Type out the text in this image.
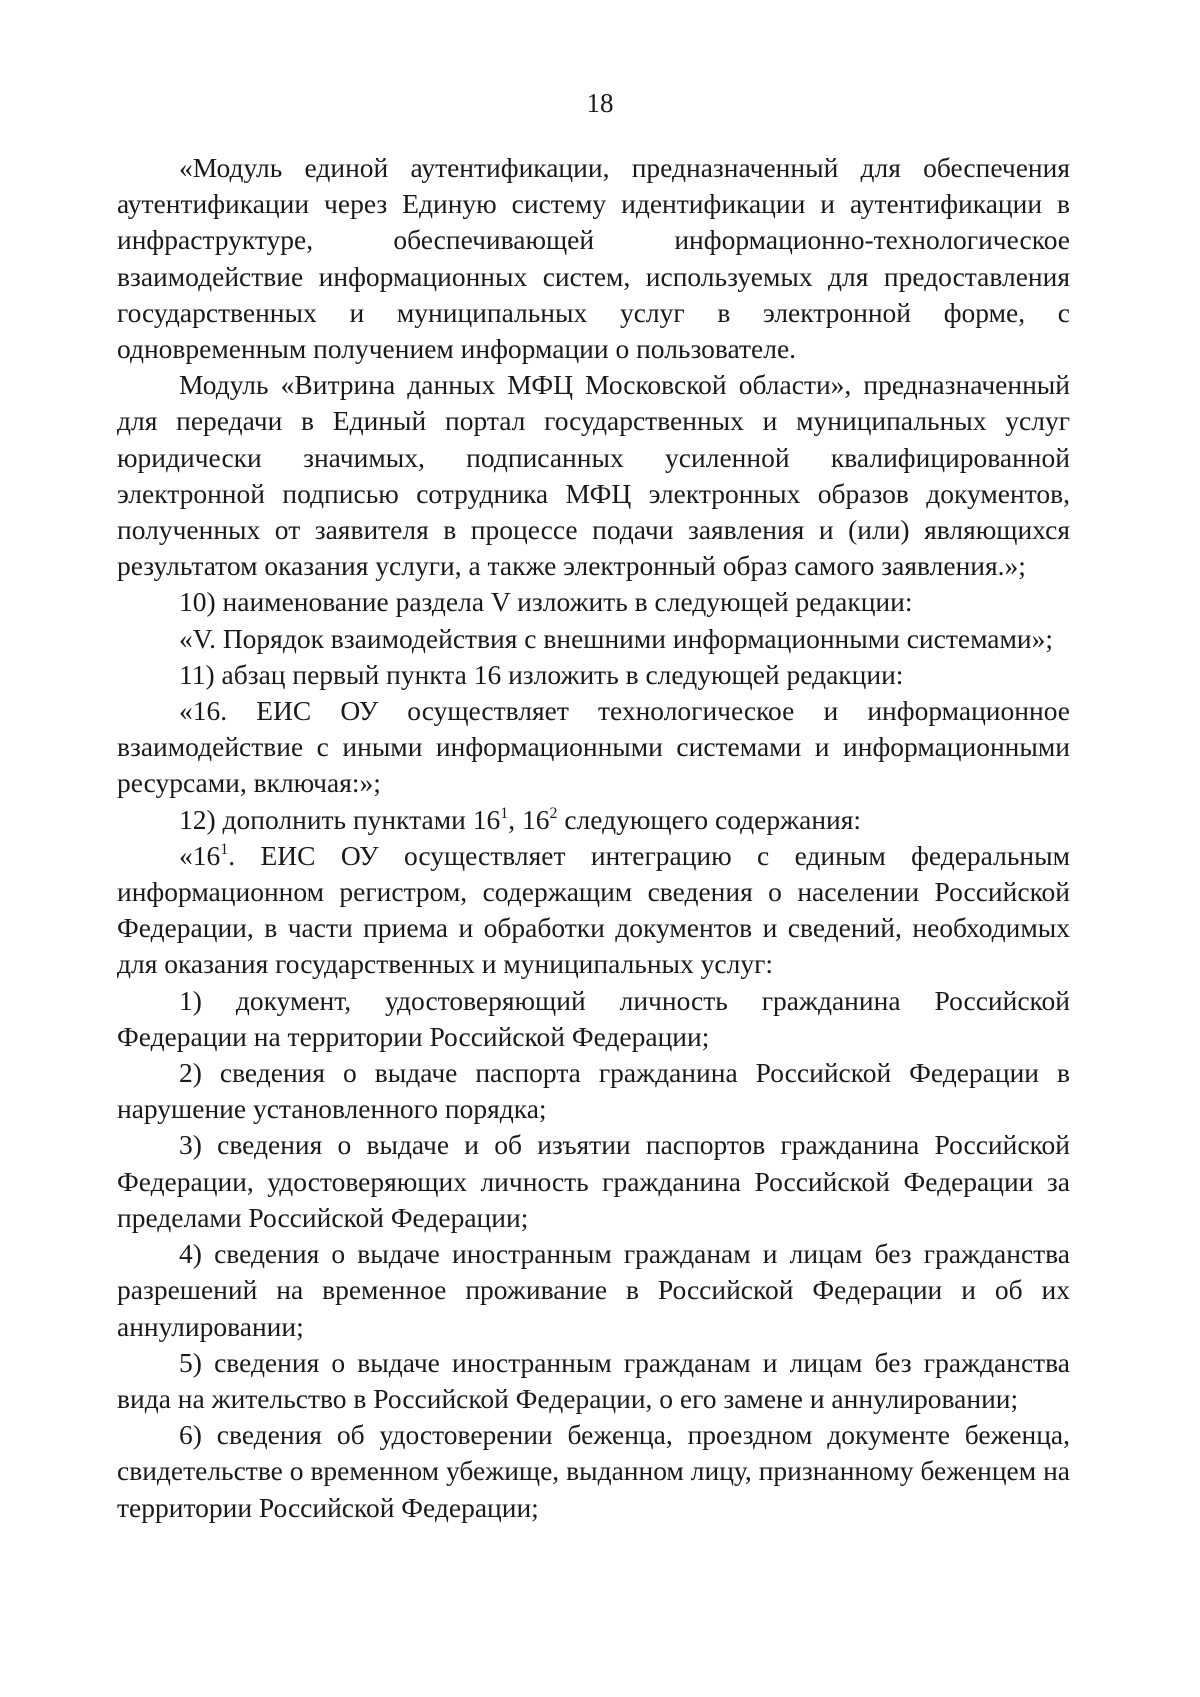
18

«Модуль единой аутентификации, предназначенный для обеспечения аутентификации через Единую систему идентификации и аутентификации в инфраструктуре, обеспечивающей информационно-технологическое взаимодействие информационных систем, используемых для предоставления государственных и муниципальных услуг в электронной форме, с одновременным получением информации о пользователе.

Модуль «Витрина данных МФЦ Московской области», предназначенный для передачи в Единый портал государственных и муниципальных услуг юридически значимых, подписанных усиленной квалифицированной электронной подписью сотрудника МФЦ электронных образов документов, полученных от заявителя в процессе подачи заявления и (или) являющихся результатом оказания услуги, а также электронный образ самого заявления.»;

10) наименование раздела V изложить в следующей редакции:

«V. Порядок взаимодействия с внешними информационными системами»;

11) абзац первый пункта 16 изложить в следующей редакции:

«16. ЕИС ОУ осуществляет технологическое и информационное взаимодействие с иными информационными системами и информационными ресурсами, включая:»;

12) дополнить пунктами $16^1$, $16^2$ следующего содержания:

«$16^1$. ЕИС ОУ осуществляет интеграцию с единым федеральным информационном регистром, содержащим сведения о населении Российской Федерации, в части приема и обработки документов и сведений, необходимых для оказания государственных и муниципальных услуг:

1) документ, удостоверяющий личность гражданина Российской Федерации на территории Российской Федерации;

2) сведения о выдаче паспорта гражданина Российской Федерации в нарушение установленного порядка;

3) сведения о выдаче и об изъятии паспортов гражданина Российской Федерации, удостоверяющих личность гражданина Российской Федерации за пределами Российской Федерации;

4) сведения о выдаче иностранным гражданам и лицам без гражданства разрешений на временное проживание в Российской Федерации и об их аннулировании;

5) сведения о выдаче иностранным гражданам и лицам без гражданства вида на жительство в Российской Федерации, о его замене и аннулировании;

6) сведения об удостоверении беженца, проездном документе беженца, свидетельстве о временном убежище, выданном лицу, признанному беженцем на территории Российской Федерации;
